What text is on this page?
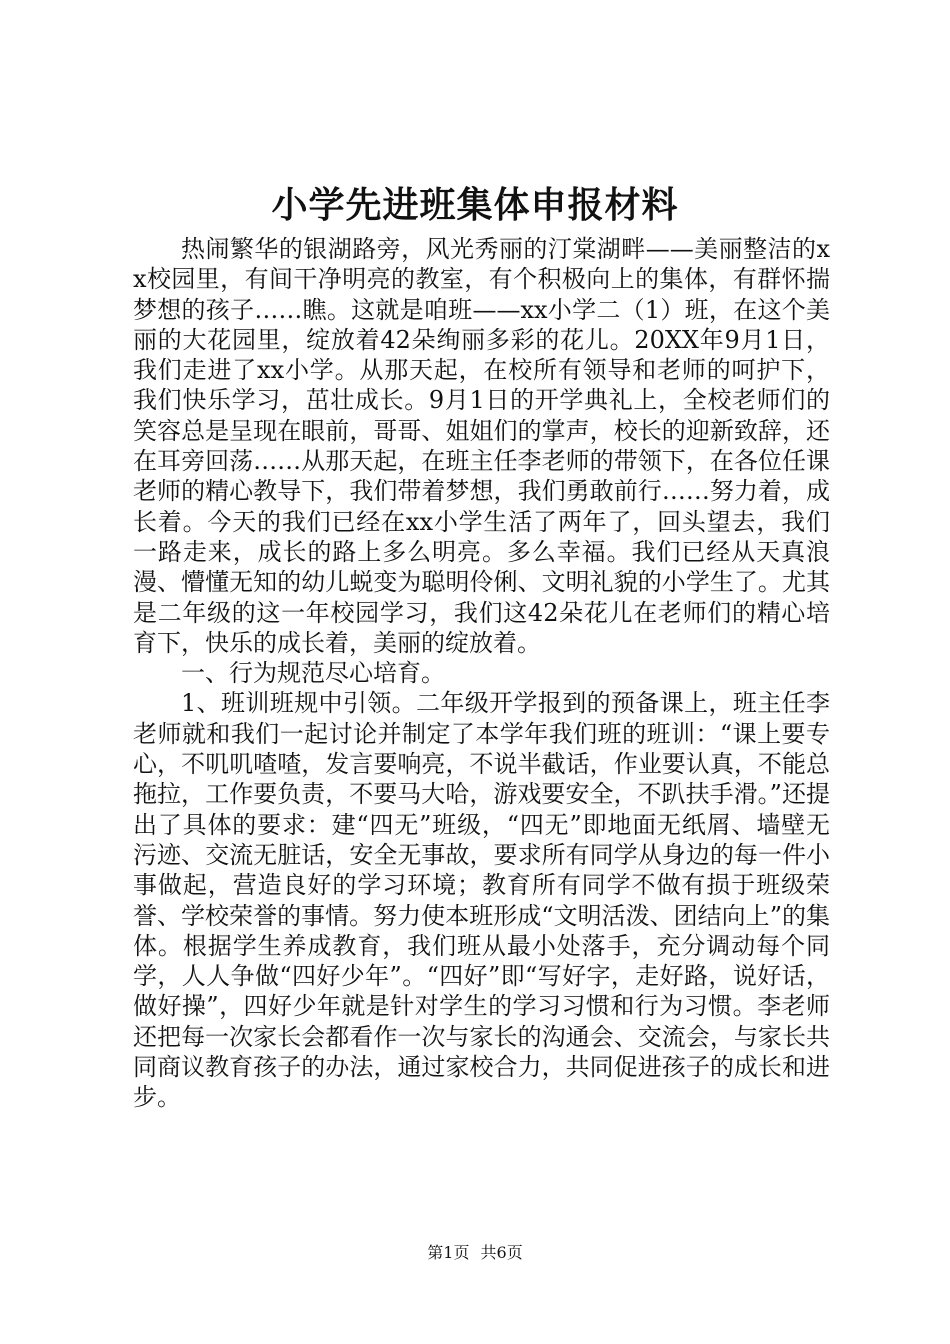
小学先进班集体申报材料

热闹繁华的银湖路旁，风光秀丽的汀棠湖畔——美丽整洁的xx校园里，有间干净明亮的教室，有个积极向上的集体，有群怀揣梦想的孩子……瞧。这就是咱班——xx小学二（1）班，在这个美丽的大花园里，绽放着42朵绚丽多彩的花儿。20XX年9月1日，我们走进了xx小学。从那天起，在校所有领导和老师的呵护下，我们快乐学习，茁壮成长。9月1日的开学典礼上，全校老师们的笑容总是呈现在眼前，哥哥、姐姐们的掌声，校长的迎新致辞，还在耳旁回荡……从那天起，在班主任李老师的带领下，在各位任课老师的精心教导下，我们带着梦想，我们勇敢前行……努力着，成长着。今天的我们已经在xx小学生活了两年了，回头望去，我们一路走来，成长的路上多么明亮。多么幸福。我们已经从天真浪漫、懵懂无知的幼儿蜕变为聪明伶俐、文明礼貌的小学生了。尤其是二年级的这一年校园学习，我们这42朵花儿在老师们的精心培育下，快乐的成长着，美丽的绽放着。

一、行为规范尽心培育。

1、班训班规中引领。二年级开学报到的预备课上，班主任李老师就和我们一起讨论并制定了本学年我们班的班训：“课上要专心，不叽叽喳喳，发言要响亮，不说半截话，作业要认真，不能总拖拉，工作要负责，不要马大哈，游戏要安全，不趴扶手滑。”还提出了具体的要求：建“四无”班级，“四无”即地面无纸屑、墙壁无污迹、交流无脏话，安全无事故，要求所有同学从身边的每一件小事做起，营造良好的学习环境；教育所有同学不做有损于班级荣誉、学校荣誉的事情。努力使本班形成“文明活泼、团结向上”的集体。根据学生养成教育，我们班从最小处落手，充分调动每个同学，人人争做“四好少年”。“四好”即“写好字，走好路，说好话，做好操”，四好少年就是针对学生的学习习惯和行为习惯。李老师还把每一次家长会都看作一次与家长的沟通会、交流会，与家长共同商议教育孩子的办法，通过家校合力，共同促进孩子的成长和进步。

第1页 共6页
